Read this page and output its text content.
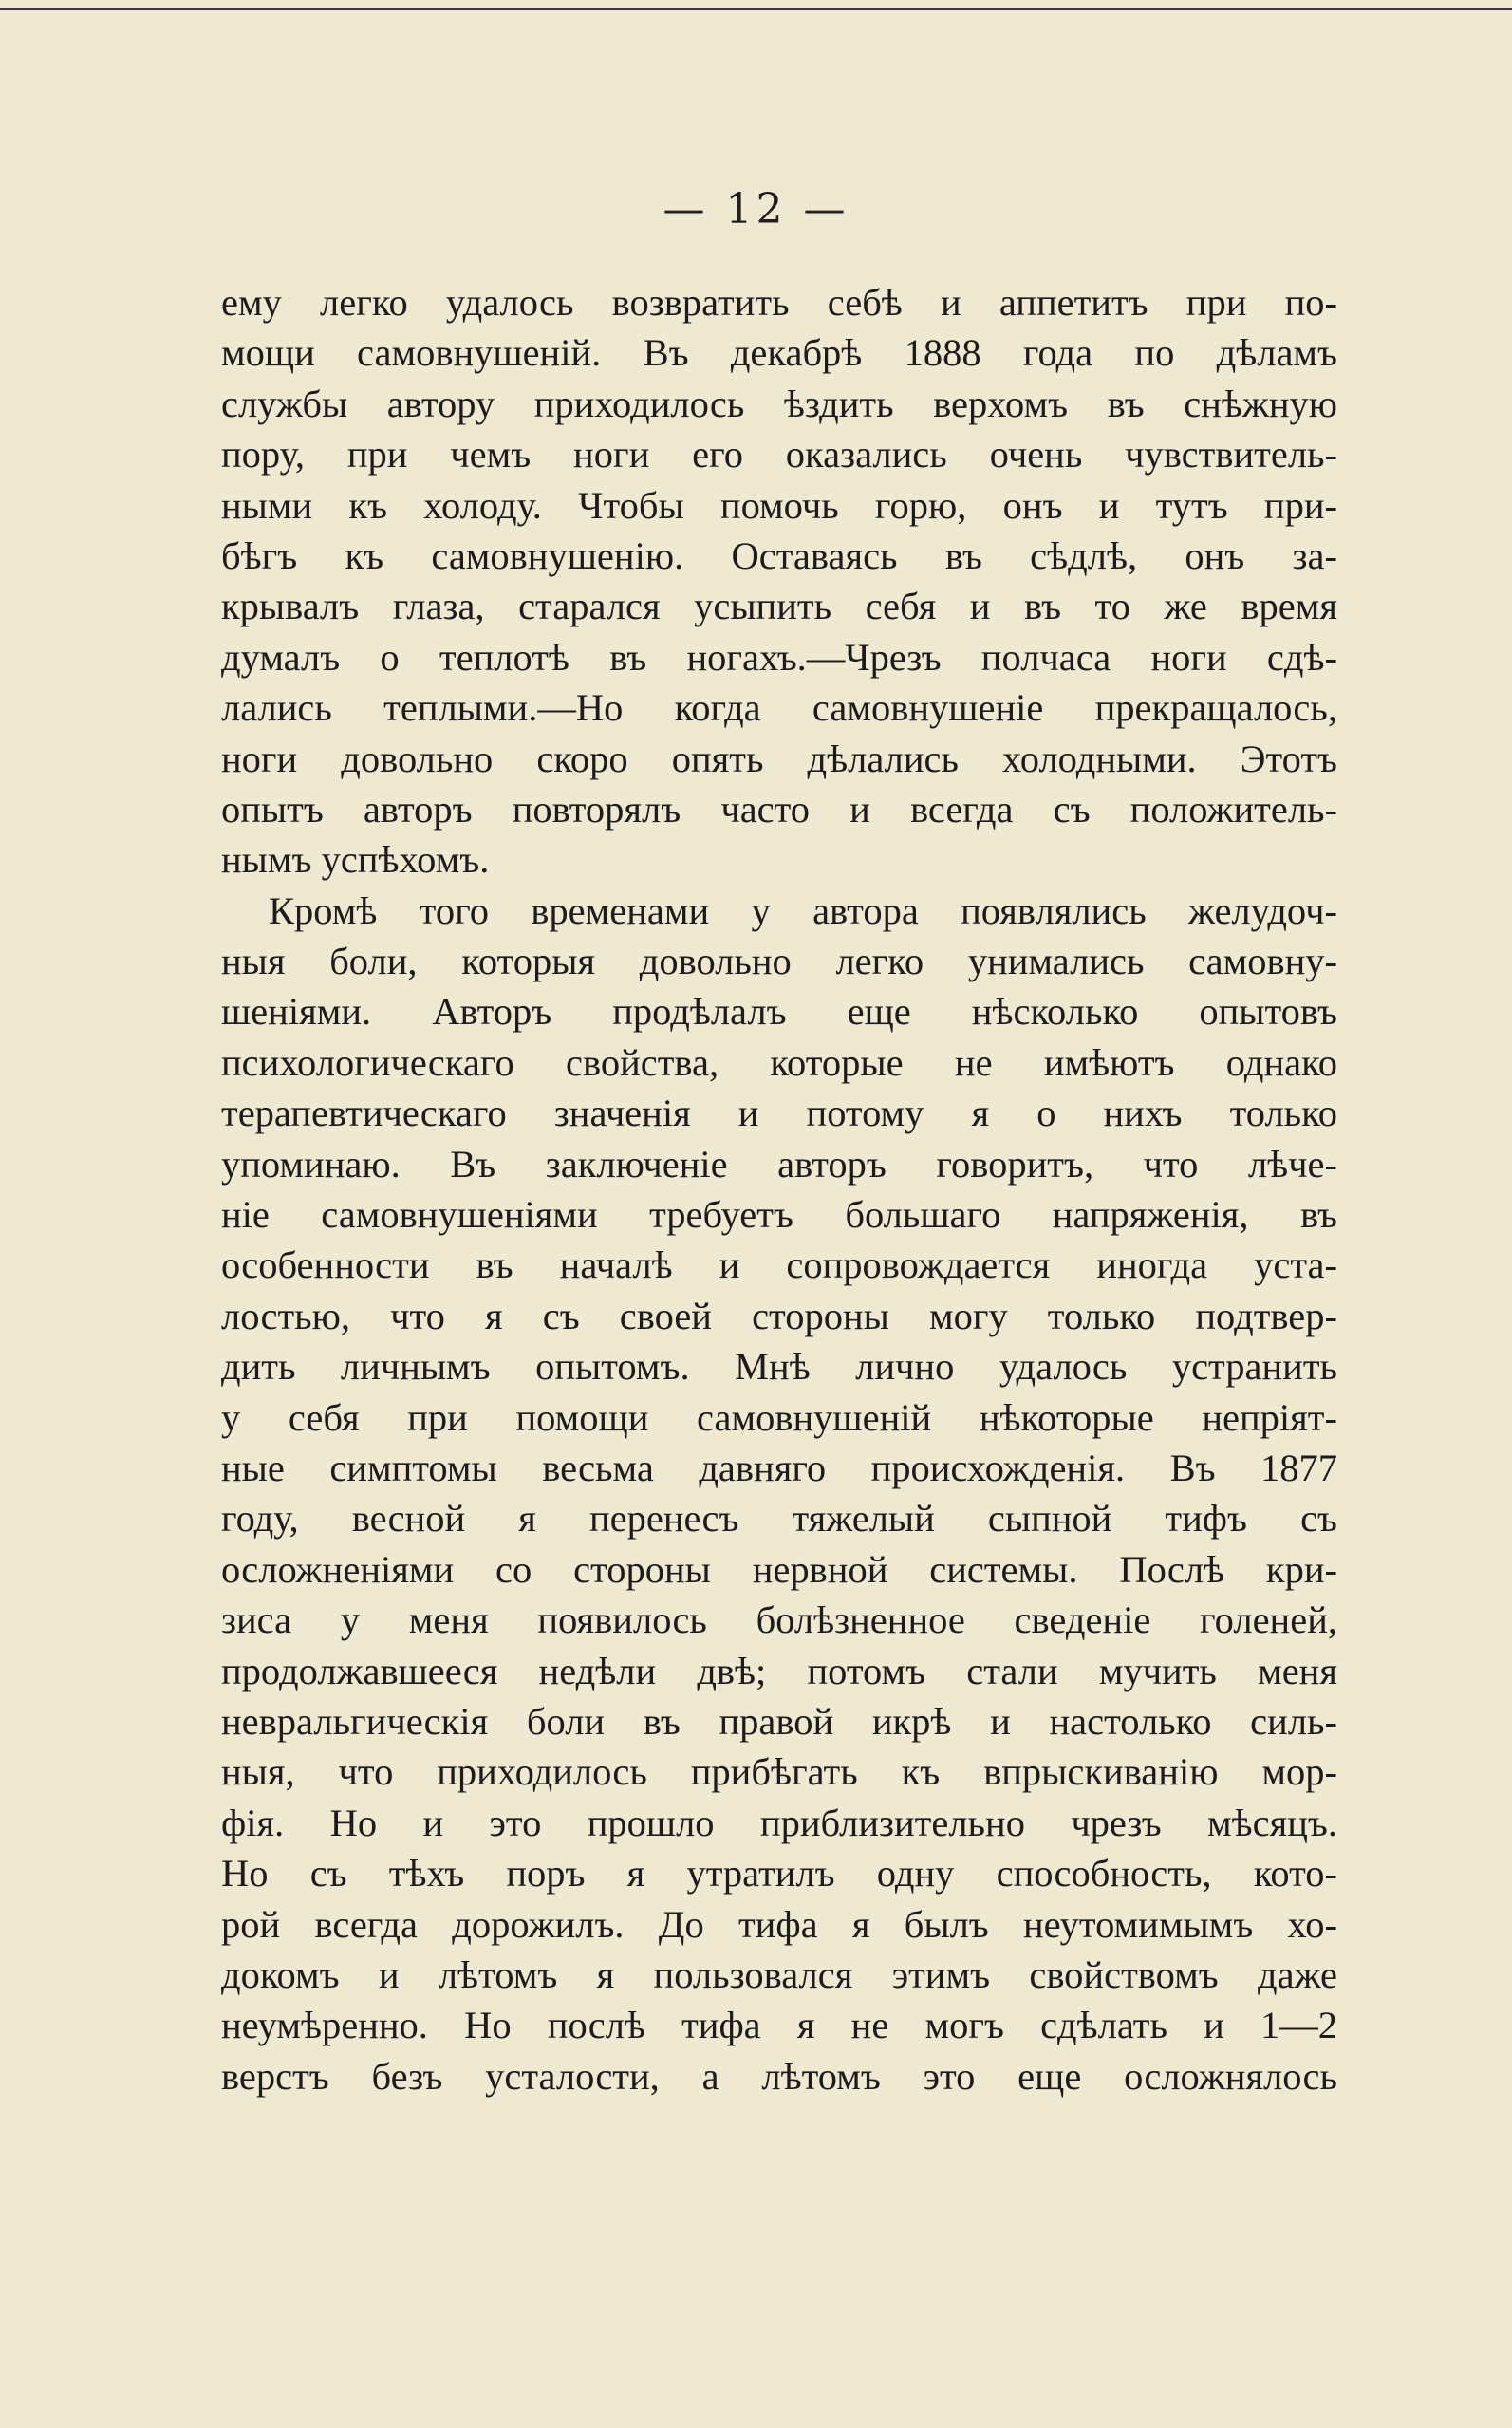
— 12 —
ему легко удалось возвратить себѣ и аппетитъ при по-
мощи самовнушеній. Въ декабрѣ 1888 года по дѣламъ
службы автору приходилось ѣздить верхомъ въ снѣжную
пору, при чемъ ноги его оказались очень чувствитель-
ными къ холоду. Чтобы помочь горю, онъ и тутъ при-
бѣгъ къ самовнушенію. Оставаясь въ сѣдлѣ, онъ за-
крывалъ глаза, старался усыпить себя и въ то же время
думалъ о теплотѣ въ ногахъ.—Чрезъ полчаса ноги сдѣ-
лались теплыми.—Но когда самовнушеніе прекращалось,
ноги довольно скоро опять дѣлались холодными. Этотъ
опытъ авторъ повторялъ часто и всегда съ положитель-
нымъ успѣхомъ.
Кромѣ того временами у автора появлялись желудоч-
ныя боли, которыя довольно легко унимались самовну-
шеніями. Авторъ продѣлалъ еще нѣсколько опытовъ
психологическаго свойства, которые не имѣютъ однако
терапевтическаго значенія и потому я о нихъ только
упоминаю. Въ заключеніе авторъ говоритъ, что лѣче-
ніе самовнушеніями требуетъ большаго напряженія, въ
особенности въ началѣ и сопровождается иногда уста-
лостью, что я съ своей стороны могу только подтвер-
дить личнымъ опытомъ. Мнѣ лично удалось устранить
у себя при помощи самовнушеній нѣкоторые непріят-
ные симптомы весьма давняго происхожденія. Въ 1877
году, весной я перенесъ тяжелый сыпной тифъ съ
осложненіями со стороны нервной системы. Послѣ кри-
зиса у меня появилось болѣзненное сведеніе голеней,
продолжавшееся недѣли двѣ; потомъ стали мучить меня
невральгическія боли въ правой икрѣ и настолько силь-
ныя, что приходилось прибѣгать къ впрыскиванію мор-
фія. Но и это прошло приблизительно чрезъ мѣсяцъ.
Но съ тѣхъ поръ я утратилъ одну способность, кото-
рой всегда дорожилъ. До тифа я былъ неутомимымъ хо-
докомъ и лѣтомъ я пользовался этимъ свойствомъ даже
неумѣренно. Но послѣ тифа я не могъ сдѣлать и 1—2
верстъ безъ усталости, а лѣтомъ это еще осложнялось
